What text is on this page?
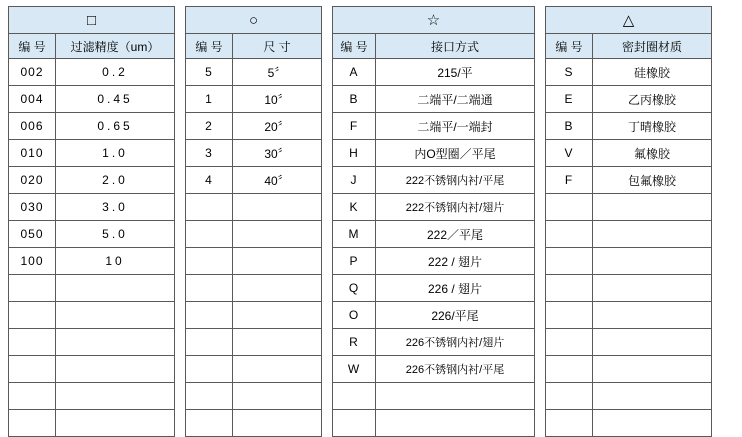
□	
编 号	过滤精度（um）
002	0.2
004	0.45
006	0.65
010	1.0
020	2.0
030	3.0
050	5.0
100	10

○	
编 号	尺 寸
5	5〞
1	10〞
2	20〞
3	30〞
4	40〞

☆	
编 号	接口方式
A	215/平
B	二端平/二端通
F	二端平/一端封
H	内O型圈／平尾
J	222不锈钢内衬/平尾
K	222不锈钢内衬/翅片
M	222／平尾
P	222 / 翅片
Q	226 / 翅片
O	226/平尾
R	226不锈钢内衬/翅片
W	226不锈钢内衬/平尾

△	
编 号	密封圈材质
S	硅橡胶
E	乙丙橡胶
B	丁晴橡胶
V	氟橡胶
F	包氟橡胶
